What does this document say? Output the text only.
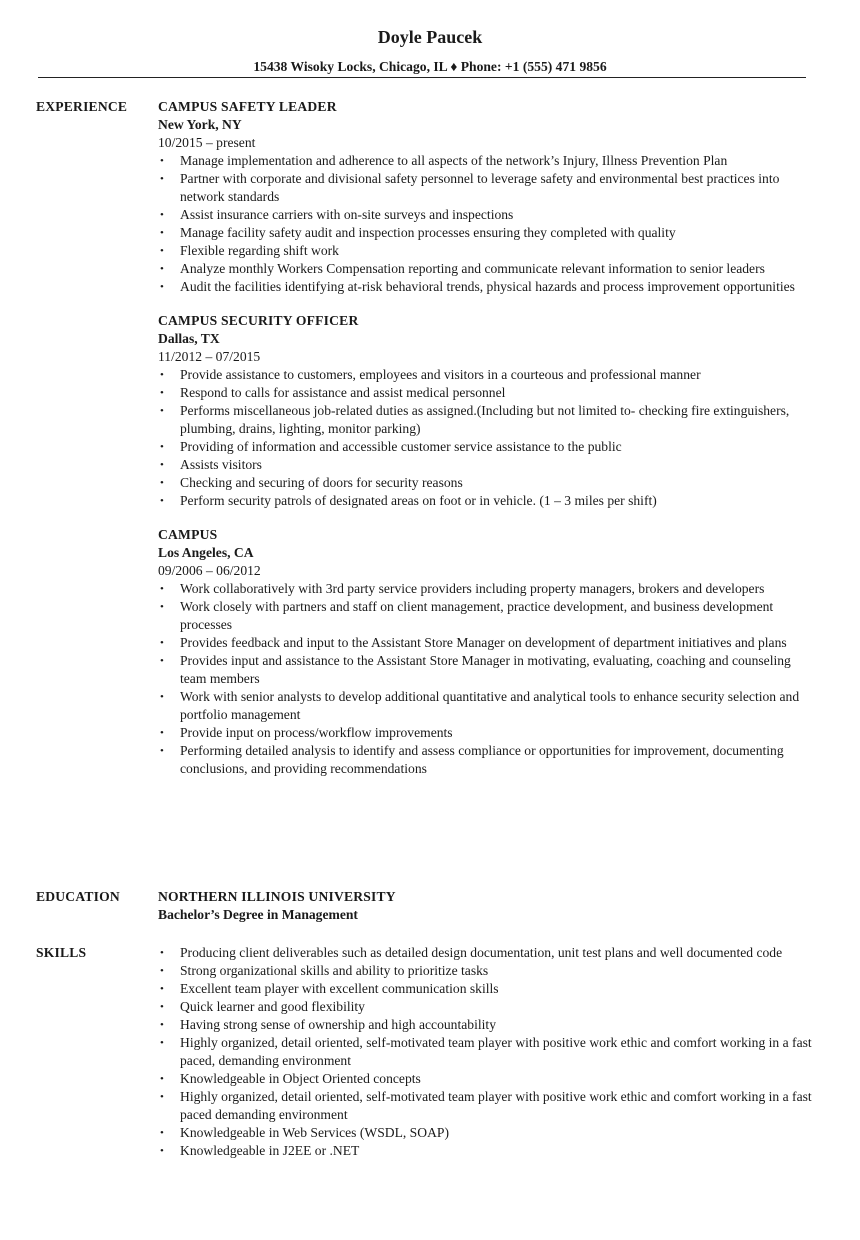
Doyle Paucek
15438 Wisoky Locks, Chicago, IL ♦ Phone: +1 (555) 471 9856
EXPERIENCE CAMPUS SAFETY LEADER
New York, NY
10/2015 – present
• Manage implementation and adherence to all aspects of the network’s Injury, Illness Prevention Plan
• Partner with corporate and divisional safety personnel to leverage safety and environmental best practices into network standards
• Assist insurance carriers with on-site surveys and inspections
• Manage facility safety audit and inspection processes ensuring they completed with quality
• Flexible regarding shift work
• Analyze monthly Workers Compensation reporting and communicate relevant information to senior leaders
• Audit the facilities identifying at-risk behavioral trends, physical hazards and process improvement opportunities
CAMPUS SECURITY OFFICER
Dallas, TX
11/2012 – 07/2015
• Provide assistance to customers, employees and visitors in a courteous and professional manner
• Respond to calls for assistance and assist medical personnel
• Performs miscellaneous job-related duties as assigned.(Including but not limited to- checking fire extinguishers, plumbing, drains, lighting, monitor parking)
• Providing of information and accessible customer service assistance to the public
• Assists visitors
• Checking and securing of doors for security reasons
• Perform security patrols of designated areas on foot or in vehicle. (1 – 3 miles per shift)
CAMPUS
Los Angeles, CA
09/2006 – 06/2012
• Work collaboratively with 3rd party service providers including property managers, brokers and developers
• Work closely with partners and staff on client management, practice development, and business development processes
• Provides feedback and input to the Assistant Store Manager on development of department initiatives and plans
• Provides input and assistance to the Assistant Store Manager in motivating, evaluating, coaching and counseling team members
• Work with senior analysts to develop additional quantitative and analytical tools to enhance security selection and portfolio management
• Provide input on process/workflow improvements
• Performing detailed analysis to identify and assess compliance or opportunities for improvement, documenting conclusions, and providing recommendations
EDUCATION	NORTHERN ILLINOIS UNIVERSITY
Bachelor’s Degree in Management
SKILLS	• Producing client deliverables such as detailed design documentation, unit test plans and well documented code
• Strong organizational skills and ability to prioritize tasks
• Excellent team player with excellent communication skills
• Quick learner and good flexibility
• Having strong sense of ownership and high accountability
• Highly organized, detail oriented, self-motivated team player with positive work ethic and comfort working in a fast paced, demanding environment
• Knowledgeable in Object Oriented concepts
• Highly organized, detail oriented, self-motivated team player with positive work ethic and comfort working in a fast paced demanding environment
• Knowledgeable in Web Services (WSDL, SOAP)
• Knowledgeable in J2EE or .NET
